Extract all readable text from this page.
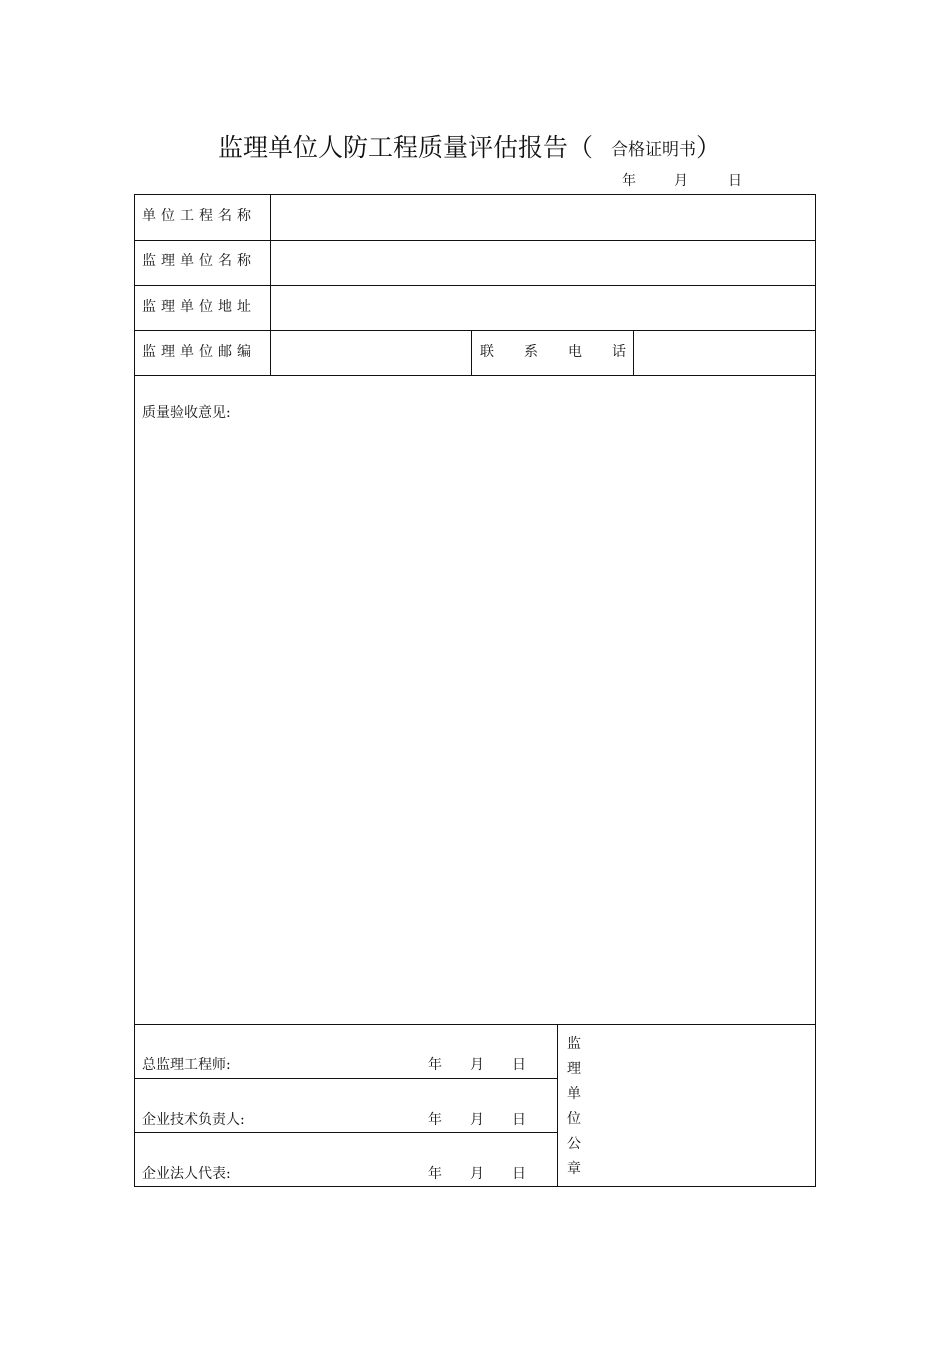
监理单位人防工程质量评估报告（ 合格证明书）
年	月	日
单位工程名称
监理单位名称
监理单位地址
监理单位邮编	联系电话
质量验收意见:
总监理工程师:	年 月 日
企业技术负责人:	年 月 日
企业法人代表:	年 月 日
监
理
单
位
公
章
